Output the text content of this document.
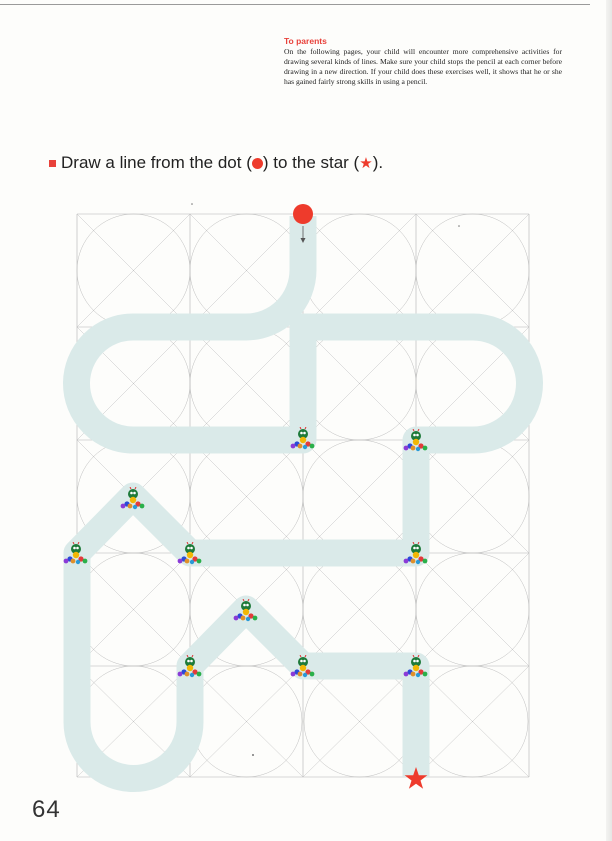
To parents
On the following pages, your child will encounter more comprehensive activities for drawing several kinds of lines. Make sure your child stops the pencil at each corner before drawing in a new direction. If your child does these exercises well, it shows that he or she has gained fairly strong skills in using a pencil.
Draw a line from the dot ( ) to the star ( ★ ).
64
